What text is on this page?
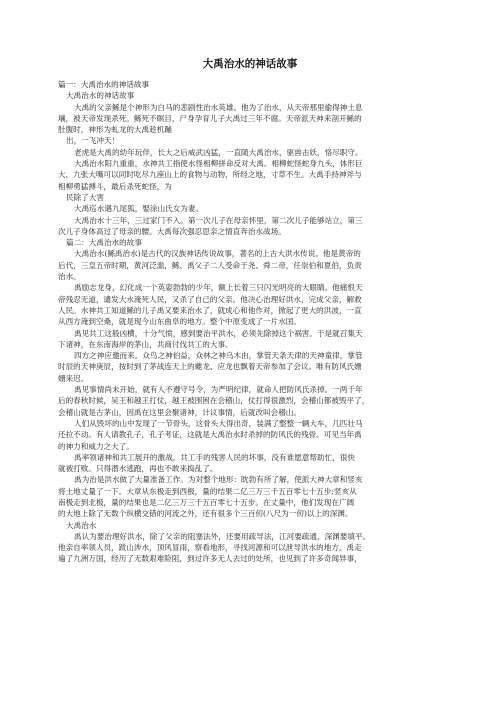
大禹治水的神话故事

篇一：大禹治水的神话故事

大禹治水的神话故事

大禹的父亲鲧是个神形为白马的悲剧性治水英雄。他为了治水，从天帝那里偷得神土息

壤，被天帝发现杀死。鲧死不瞑目，尸身孕育儿子大禹过三年不腐。天帝派天神来剖开鲧的

肚腹时，神形为虬龙的大禹趁机蹦

出，一飞冲天！

老虎是大禹的幼年玩伴，长大之后威武凶猛，一直随大禹治水，驱兽击妖，恪尽职守。

大禹治水阳九重重，水神共工指使水怪相柳拼命反对大禹。相柳蛇怪蛇身九头，体形巨

大，九张大嘴可以同时吃尽九座山上的食物与动物，所经之地，寸草不生。大禹手持神斧与

相柳勇猛搏斗，最后杀死蛇怪，为

民除了大害

大禹巡水遇九尾狐，娶涂山氏女为妻。

大禹治水十三年，三过家门不入。第一次儿子在母亲怀里，第二次儿子能够站立，第三

次儿子身体高过了母亲的腰。大禹每次强忍思亲之情直奔治水战场。

篇二：大禹治水的故事

大禹治水(鲧禹治水)是古代的汉族神话传说故事，著名的上古大洪水传说。他是黄帝的

后代，三皇五帝时期，黄河泛滥，鲧、禹父子二人受命于尧、舜二帝，任崇伯和夏伯，负责

治水。

禹励志龙身，幻化成一个英姿勃勃的少年，额上长着三只闪光明亮的大眼睛。他痛恨天

帝残忍无道，谴发大水淹死人民，又杀了自己的父亲。他决心治理好洪水，完成父亲，解救

人民。水神共工知道鲧的儿子禹又要来治水了，就成心和他作对，掀起了更大的洪波，一直

从西方淹到空桑，就是现今山东曲阜的地方。整个中原变成了一片水国。

禹见共工这般凶横，十分气愤，感到要治平洪水，必须先除掉这个祸害。于是就召集天

下诸神，在东南海岸的茅山，共商讨伐共工的大事。

四方之神应邀而来。众鸟之神伯益，众林之神乌木由，掌管天条天律的天神童律，掌管

时辰的天神庚辰，按时到了茅战连天上的夔龙、应龙也飘着天帝参加了会议。唯有防风氏姗

姗来迟。

禹见事情尚未开始，就有人不遵守号令，为严明纪律，就命人把防风氏杀掉。一两千年

后的春秋时候，吴王和越王打仗，越王被围困在会稽山，仗打得很激烈，会稽山都被毁平了，

会稽山就是古茅山，因禹在这里会聚诸神，计议事情，后就改叫会稽山。

人们从毁坏的山中发现了一节骨头，这骨头大得出奇，装满了整整一辆大车，几匹壮马

还拉不动。有人请教孔子，孔子考证，这就是大禹治水时杀掉的防风氏的残骨。可见当年禹

的神力和威力之大了。

禹率领诸神和共工展开的激战。共工手的残害人民的坏事，没有谁愿意帮助忙，很快

就被打败。只得潜水逃跑，再也不敢来捣乱了。

禹为治是洪水做了大量准备工作。为对整个地形：眈勃有所了解，使派大神大章和竖亥

将土地丈量了一下。大章从东极走到西极，量的结果二亿三万三千五百零七十五步;竖亥从

南极走到北极，量的结果也是二亿三万三千五百零七十五步。在丈量中，他们发现在广阔

的大地上除了无数个纵横交错的河流之外，还有很多个三百仞(八尺为一仞)以上的深渊。

大禹治水

禹认为要治理好洪水，除了父亲的阻塞法外，还要用疏导法，江河要疏通，深渊要填平。

他亲自率领人员，跋山涉水，顶风冒雨，察看地形，寻找河源和可以泄导洪水的地方。禹走

遍了九洲万国，经历了无数艰难险阻，到过许多无人去过的处所，也见到了许多奇闻异事，
